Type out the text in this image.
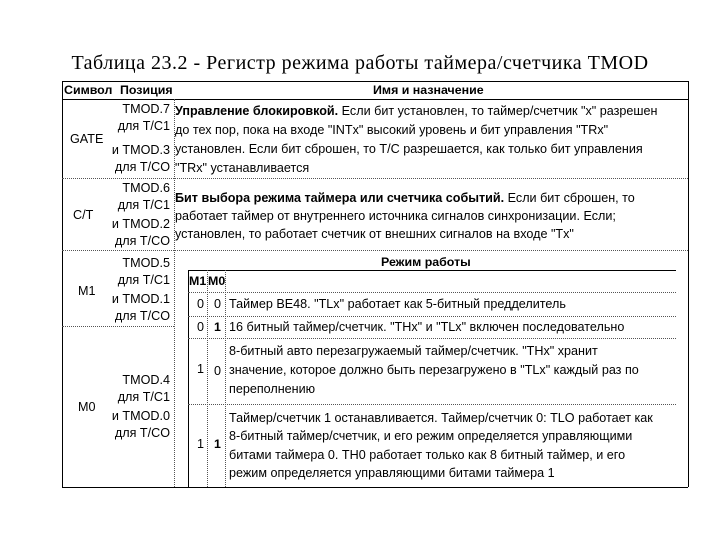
Таблица 23.2 - Регистр режима работы таймера/счетчика TMOD
Символ Позиция	Имя и назначение
GATE
TMOD.7
для T/C1
и TMOD.3
для T/CO
Управление блокировкой. Если бит установлен, то таймер/счетчик "x" разрешен
до тех пор, пока на входе "INTx" высокий уровень и бит управления "TRx"
установлен. Если бит сброшен, то T/C разрешается, как только бит управления
"TRx" устанавливается
C/T
TMOD.6
для T/C1
и TMOD.2
для T/CO
Бит выбора режима таймера или счетчика событий. Если бит сброшен, то
работает таймер от внутреннего источника сигналов синхронизации. Если;
установлен, то работает счетчик от внешних сигналов на входе "Tx"
M1
TMOD.5
для T/C1
и TMOD.1
для T/CO
M0
TMOD.4
для T/C1
и TMOD.0
для T/CO
Режим работы
M1 M0
0 0 Таймер ВЕ48. "TLx" работает как 5-битный предделитель
0 1 16 битный таймер/счетчик. "THx" и "TLx" включен последовательно
1 0
8-битный авто перезагружаемый таймер/счетчик. "THx" хранит
значение, которое должно быть перезагружено в "TLx" каждый раз по
переполнению
1 1
Таймер/счетчик 1 останавливается. Таймер/счетчик 0: TLO работает как
8-битный таймер/счетчик, и его режим определяется управляющими
битами таймера 0. TH0 работает только как 8 битный таймер, и его
режим определяется управляющими битами таймера 1
